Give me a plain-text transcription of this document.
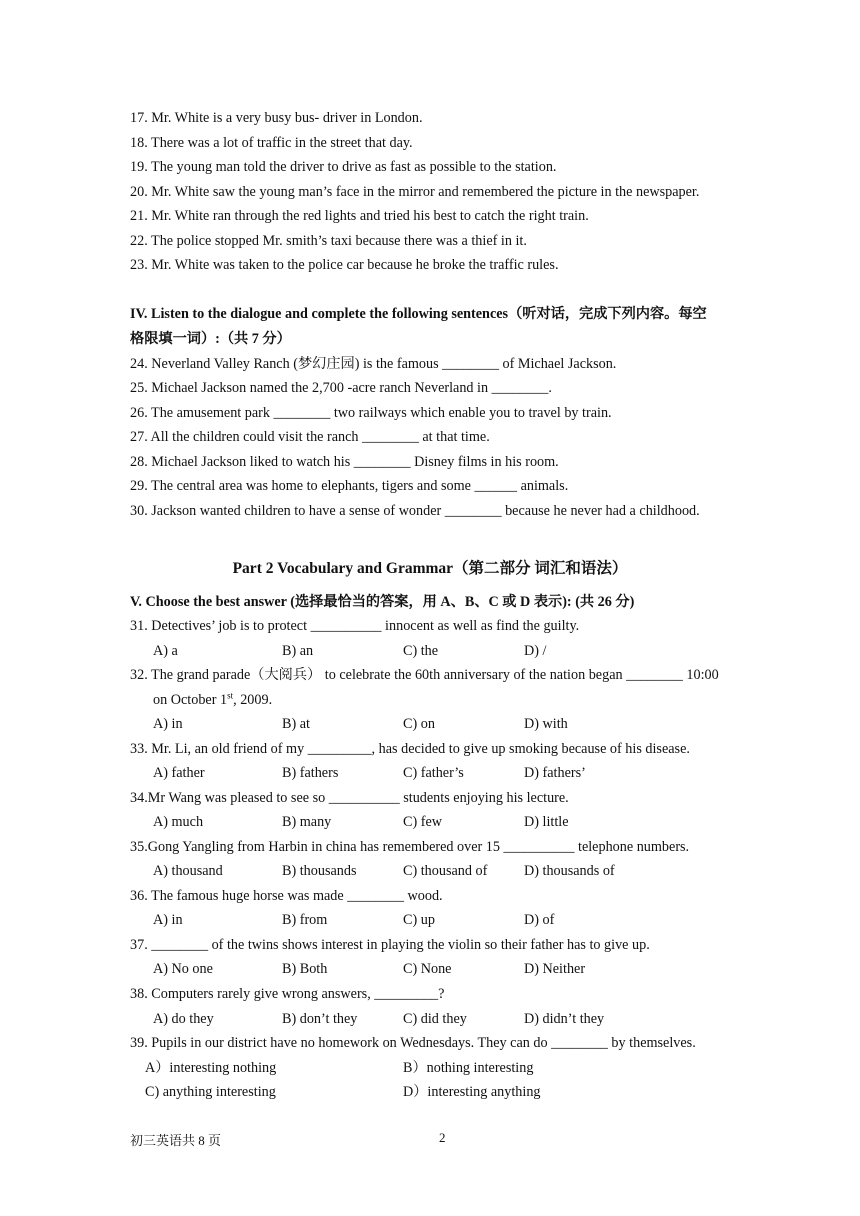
17. Mr. White is a very busy bus- driver in London.
18. There was a lot of traffic in the street that day.
19. The young man told the driver to drive as fast as possible to the station.
20. Mr. White saw the young man’s face in the mirror and remembered the picture in the newspaper.
21. Mr. White ran through the red lights and tried his best to catch the right train.
22. The police stopped Mr. smith’s taxi because there was a thief in it.
23. Mr. White was taken to the police car because he broke the traffic rules.
IV. Listen to the dialogue and complete the following sentences（听对话，完成下列内容。每空
格限填一词）:（共 7 分）
24. Neverland Valley Ranch (梦幻庄园) is the famous ________ of Michael Jackson.
25. Michael Jackson named the 2,700 -acre ranch Neverland in ________.
26. The amusement park ________ two railways which enable you to travel by train.
27. All the children could visit the ranch ________ at that time.
28. Michael Jackson liked to watch his ________ Disney films in his room.
29. The central area was home to elephants, tigers and some ______ animals.
30. Jackson wanted children to have a sense of wonder ________ because he never had a childhood.
Part 2 Vocabulary and Grammar（第二部分 词汇和语法）
V. Choose the best answer (选择最恰当的答案，用 A、B、C 或 D 表示): (共 26 分)
31. Detectives’ job is to protect __________ innocent as well as find the guilty.
A) a	B) an	C) the	D) /
32. The grand parade（大阅兵） to celebrate the 60th anniversary of the nation began ________ 10:00
on October 1st, 2009.
A) in	B) at	C) on	D) with
33. Mr. Li, an old friend of my _________, has decided to give up smoking because of his disease.
A) father	B) fathers	C) father’s	D) fathers’
34.Mr Wang was pleased to see so __________ students enjoying his lecture.
A) much	B) many	C) few	D) little
35.Gong Yangling from Harbin in china has remembered over 15 __________ telephone numbers.
A) thousand	B) thousands	C) thousand of	D) thousands of
36. The famous huge horse was made ________ wood.
A) in	B) from	C) up	D) of
37. ________ of the twins shows interest in playing the violin so their father has to give up.
A) No one	B) Both	C) None	D) Neither
38. Computers rarely give wrong answers, _________?
A) do they	B) don’t they	C) did they	D) didn’t they
39. Pupils in our district have no homework on Wednesdays. They can do ________ by themselves.
A）interesting nothing	B）nothing interesting
C) anything interesting	D）interesting anything
初三英语共 8 页	2
